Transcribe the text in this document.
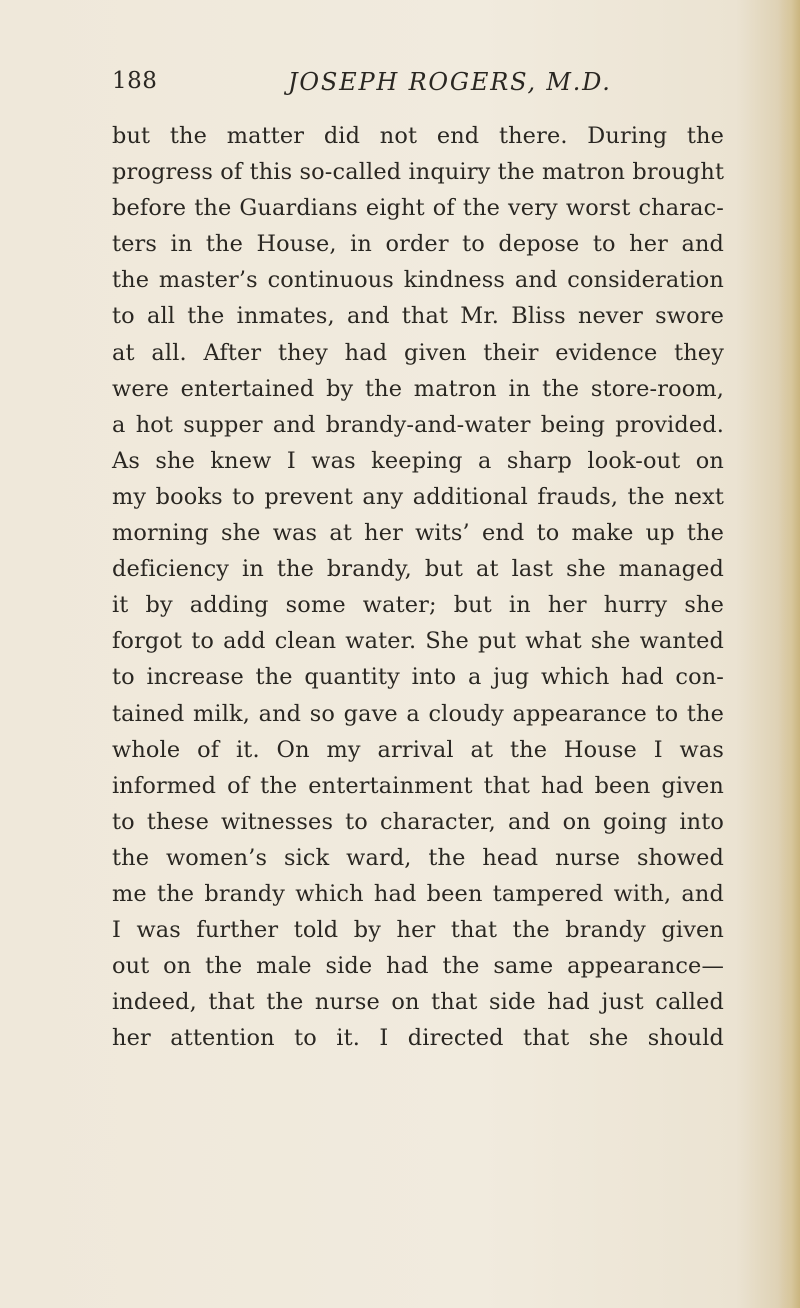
188	JOSEPH ROGERS, M.D.
but the matter did not end there. During the
progress of this so-called inquiry the matron brought
before the Guardians eight of the very worst charac-
ters in the House, in order to depose to her and
the master’s continuous kindness and consideration
to all the inmates, and that Mr. Bliss never swore
at all. After they had given their evidence they
were entertained by the matron in the store-room,
a hot supper and brandy-and-water being provided.
As she knew I was keeping a sharp look-out on
my books to prevent any additional frauds, the next
morning she was at her wits’ end to make up the
deficiency in the brandy, but at last she managed
it by adding some water; but in her hurry she
forgot to add clean water. She put what she wanted
to increase the quantity into a jug which had con-
tained milk, and so gave a cloudy appearance to the
whole of it. On my arrival at the House I was
informed of the entertainment that had been given
to these witnesses to character, and on going into
the women’s sick ward, the head nurse showed
me the brandy which had been tampered with, and
I was further told by her that the brandy given
out on the male side had the same appearance—
indeed, that the nurse on that side had just called
her attention to it. I directed that she should
